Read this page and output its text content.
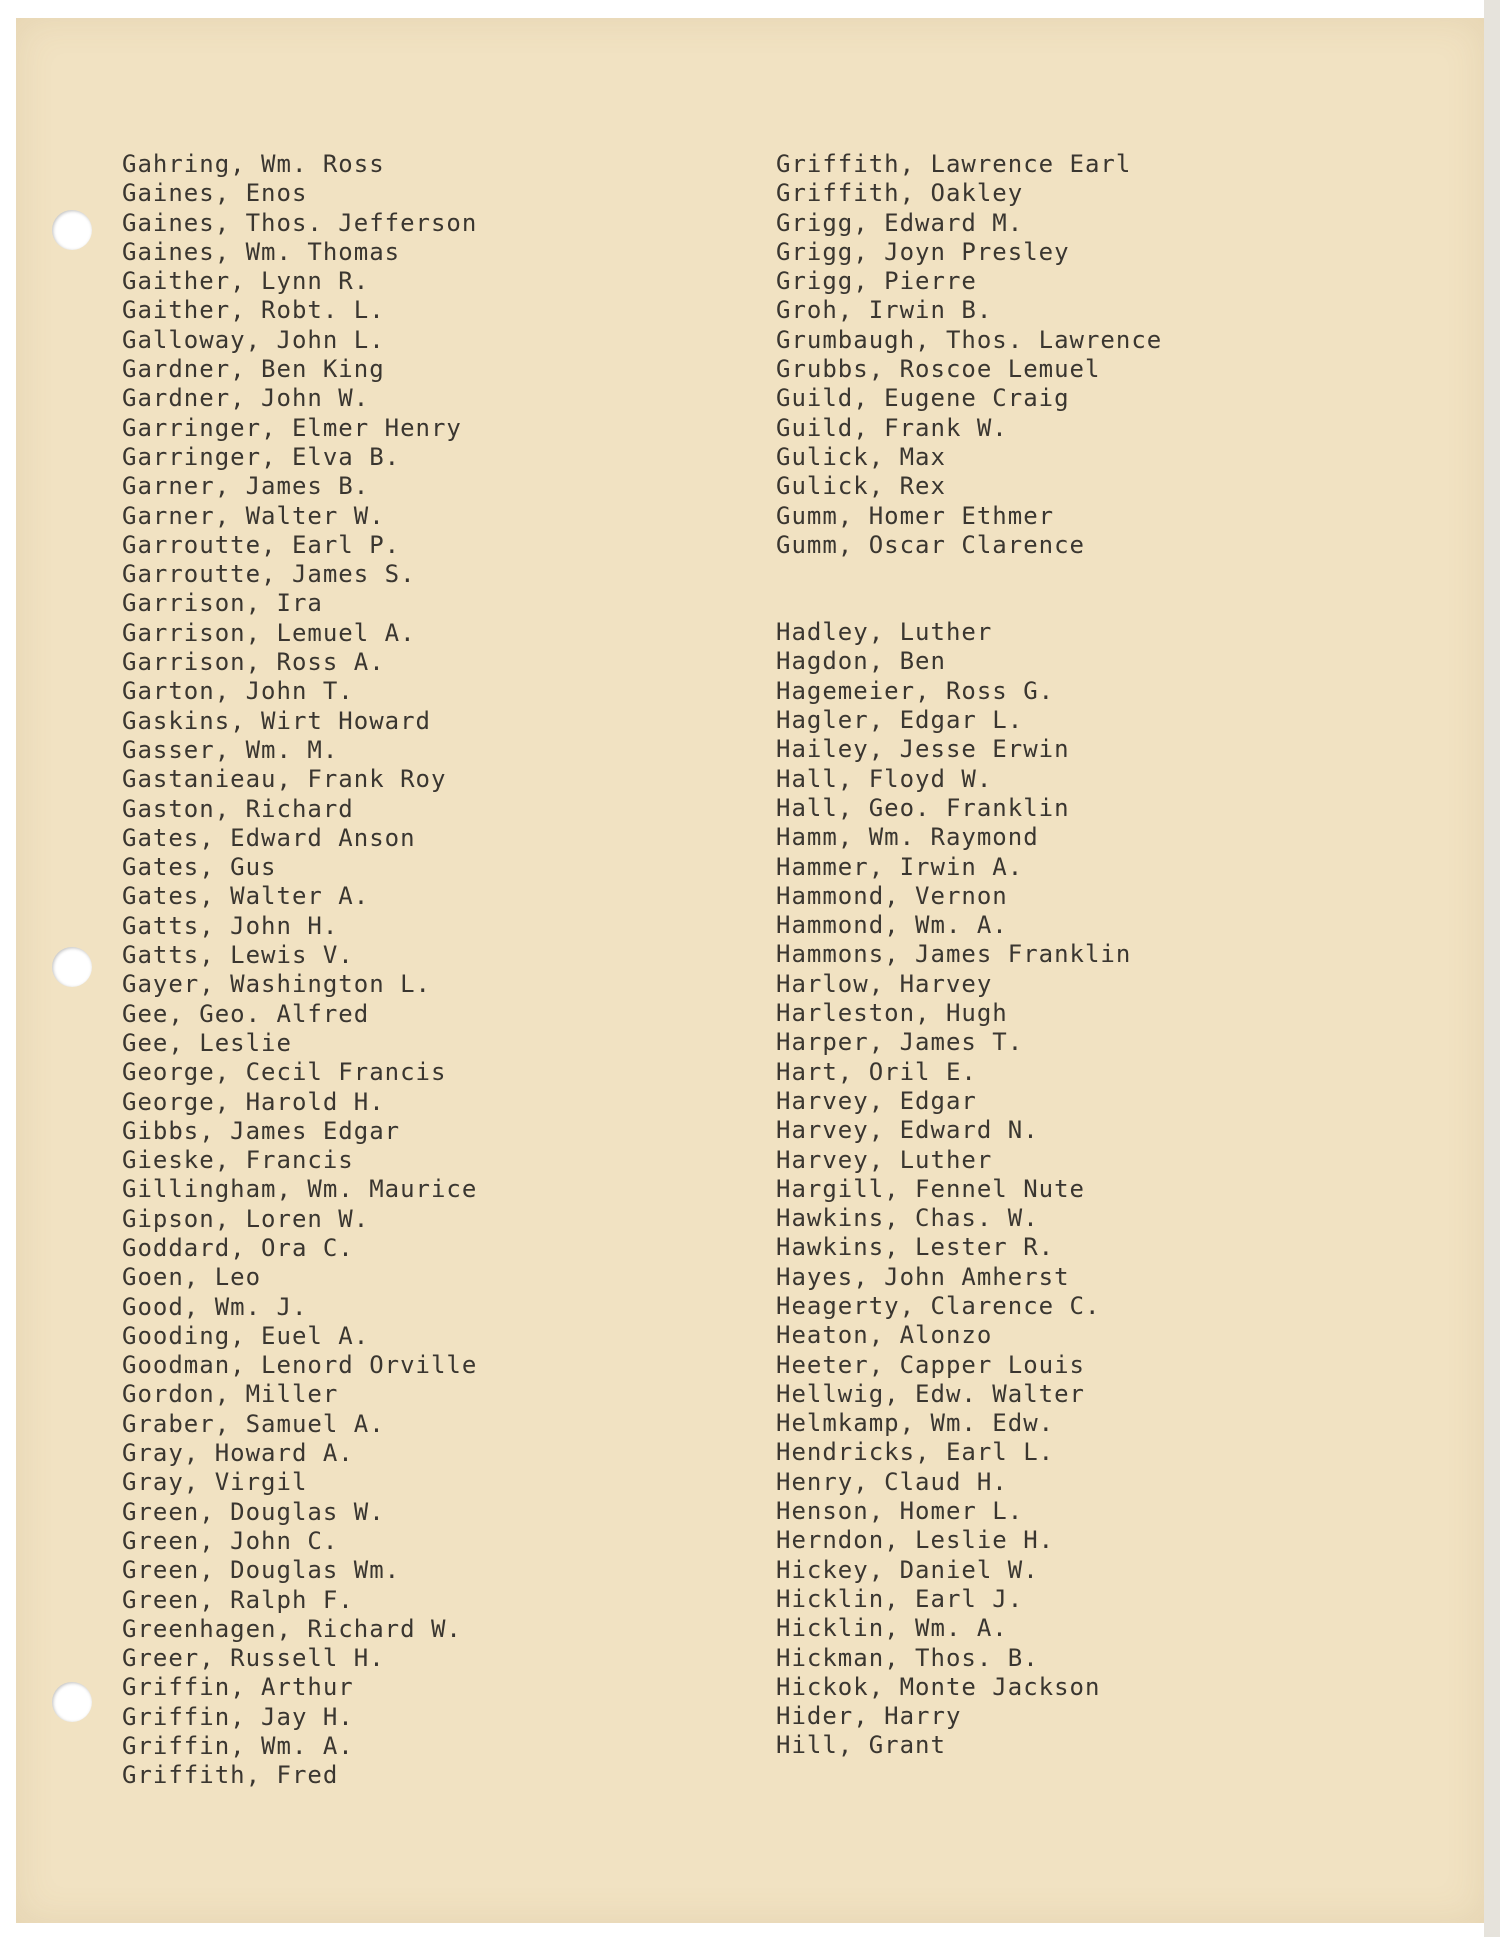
Gahring, Wm. Ross
Gaines, Enos
Gaines, Thos. Jefferson
Gaines, Wm. Thomas
Gaither, Lynn R.
Gaither, Robt. L.
Galloway, John L.
Gardner, Ben King
Gardner, John W.
Garringer, Elmer Henry
Garringer, Elva B.
Garner, James B.
Garner, Walter W.
Garroutte, Earl P.
Garroutte, James S.
Garrison, Ira
Garrison, Lemuel A.
Garrison, Ross A.
Garton, John T.
Gaskins, Wirt Howard
Gasser, Wm. M.
Gastanieau, Frank Roy
Gaston, Richard
Gates, Edward Anson
Gates, Gus
Gates, Walter A.
Gatts, John H.
Gatts, Lewis V.
Gayer, Washington L.
Gee, Geo. Alfred
Gee, Leslie
George, Cecil Francis
George, Harold H.
Gibbs, James Edgar
Gieske, Francis
Gillingham, Wm. Maurice
Gipson, Loren W.
Goddard, Ora C.
Goen, Leo
Good, Wm. J.
Gooding, Euel A.
Goodman, Lenord Orville
Gordon, Miller
Graber, Samuel A.
Gray, Howard A.
Gray, Virgil
Green, Douglas W.
Green, John C.
Green, Douglas Wm.
Green, Ralph F.
Greenhagen, Richard W.
Greer, Russell H.
Griffin, Arthur
Griffin, Jay H.
Griffin, Wm. A.
Griffith, Fred
Griffith, Lawrence Earl
Griffith, Oakley
Grigg, Edward M.
Grigg, Joyn Presley
Grigg, Pierre
Groh, Irwin B.
Grumbaugh, Thos. Lawrence
Grubbs, Roscoe Lemuel
Guild, Eugene Craig
Guild, Frank W.
Gulick, Max
Gulick, Rex
Gumm, Homer Ethmer
Gumm, Oscar Clarence
Hadley, Luther
Hagdon, Ben
Hagemeier, Ross G.
Hagler, Edgar L.
Hailey, Jesse Erwin
Hall, Floyd W.
Hall, Geo. Franklin
Hamm, Wm. Raymond
Hammer, Irwin A.
Hammond, Vernon
Hammond, Wm. A.
Hammons, James Franklin
Harlow, Harvey
Harleston, Hugh
Harper, James T.
Hart, Oril E.
Harvey, Edgar
Harvey, Edward N.
Harvey, Luther
Hargill, Fennel Nute
Hawkins, Chas. W.
Hawkins, Lester R.
Hayes, John Amherst
Heagerty, Clarence C.
Heaton, Alonzo
Heeter, Capper Louis
Hellwig, Edw. Walter
Helmkamp, Wm. Edw.
Hendricks, Earl L.
Henry, Claud H.
Henson, Homer L.
Herndon, Leslie H.
Hickey, Daniel W.
Hicklin, Earl J.
Hicklin, Wm. A.
Hickman, Thos. B.
Hickok, Monte Jackson
Hider, Harry
Hill, Grant
